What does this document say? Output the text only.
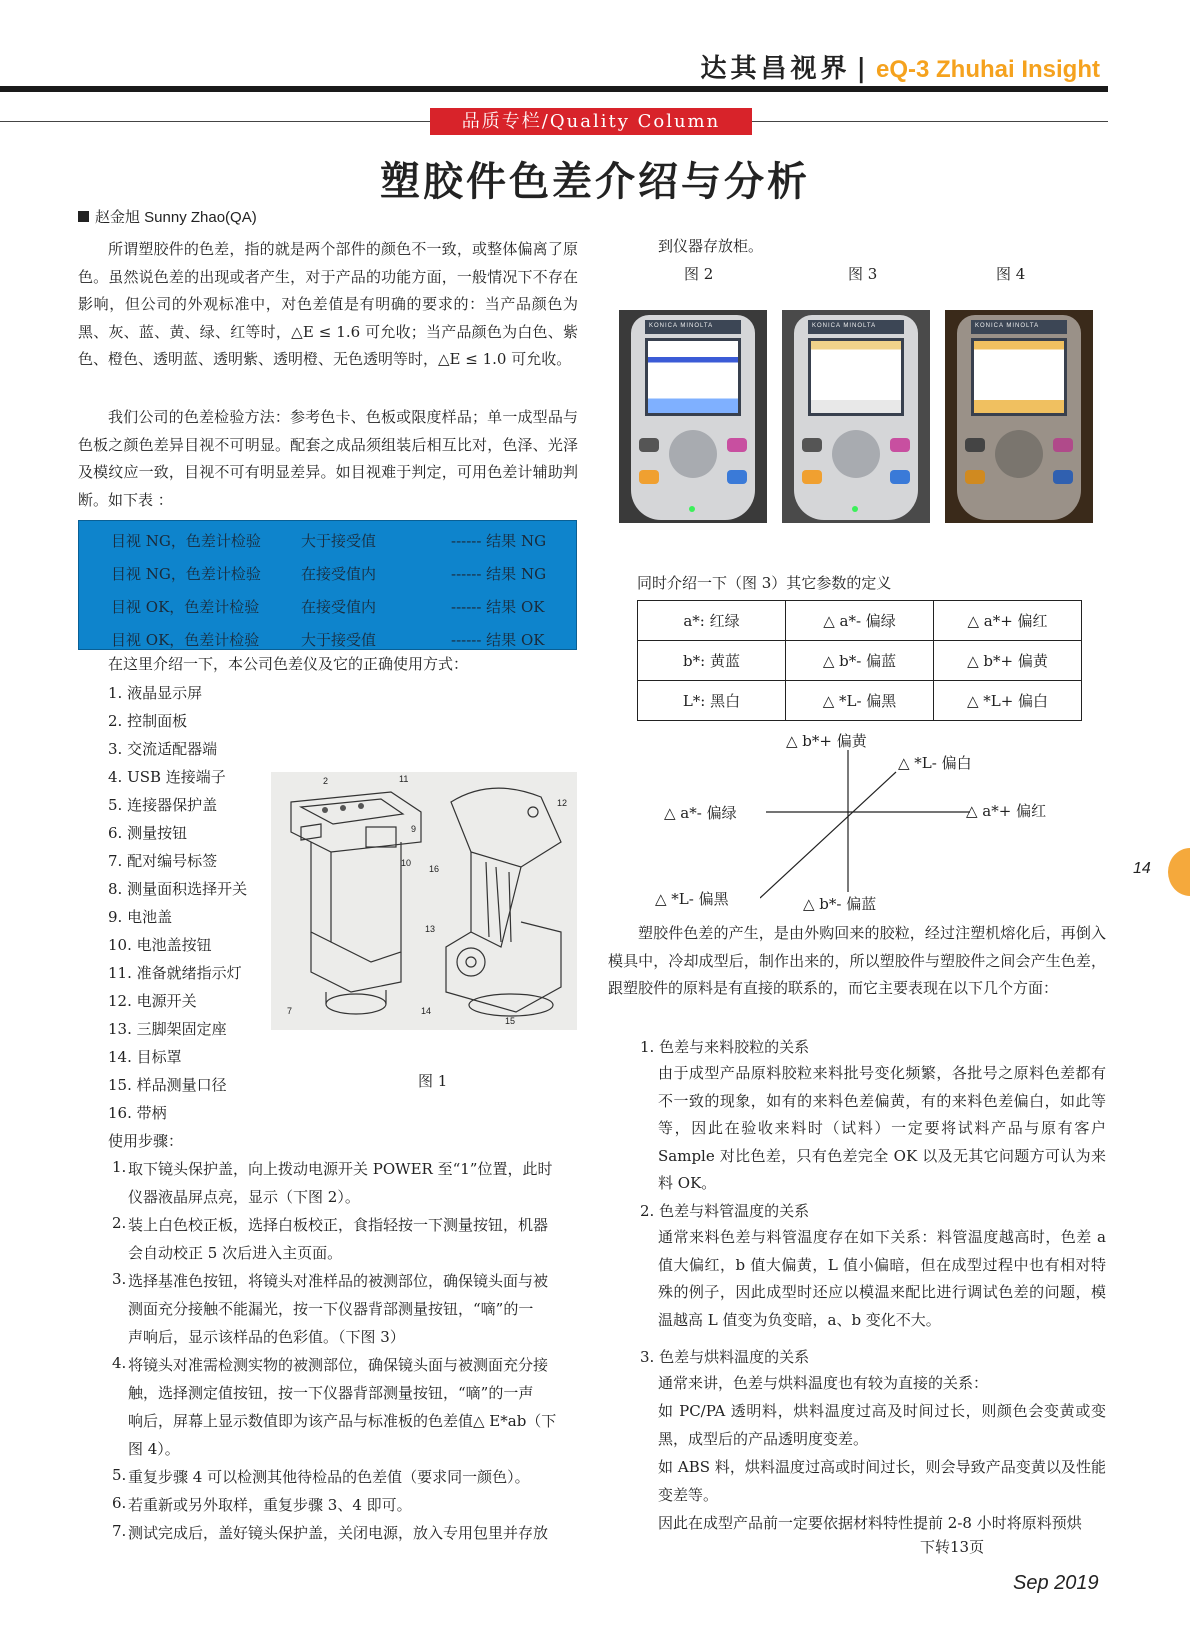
达其昌视界 | eQ-3 Zhuhai Insight
品质专栏/Quality Column
塑胶件色差介绍与分析
赵金旭 Sunny Zhao(QA)

所谓塑胶件的色差，指的就是两个部件的颜色不一致，或整体偏离了原色。虽然说色差的出现或者产生，对于产品的功能方面，一般情况下不存在影响，但公司的外观标准中，对色差值是有明确的要求的：当产品颜色为黑、灰、蓝、黄、绿、红等时，△E ≤ 1.6 可允收；当产品颜色为白色、紫色、橙色、透明蓝、透明紫、透明橙、无色透明等时，△E ≤ 1.0 可允收。

我们公司的色差检验方法：参考色卡、色板或限度样品；单一成型品与色板之颜色差异目视不可明显。配套之成品须组装后相互比对，色泽、光泽及模纹应一致，目视不可有明显差异。如目视难于判定，可用色差计辅助判断。如下表 ：

目视 NG，色差计检验	大于接受值	------ 结果 NG
目视 NG，色差计检验	在接受值内	------ 结果 NG
目视 OK，色差计检验	在接受值内	------ 结果 OK
目视 OK，色差计检验	大于接受值	------ 结果 OK
在这里介绍一下，本公司色差仪及它的正确使用方式：
1. 液晶显示屏
2. 控制面板
3. 交流适配器端
4. USB 连接端子
5. 连接器保护盖
6. 测量按钮
7. 配对编号标签
8. 测量面积选择开关
9. 电池盖
10. 电池盖按钮
11. 准备就绪指示灯
12. 电源开关
13. 三脚架固定座
14. 目标罩
15. 样品测量口径
16. 带柄
2	11
12
9
10
16
13
7	14
15
图 1
使用步骤：
1. 取下镜头保护盖，向上拨动电源开关 POWER 至“1”位置，此时
仪器液晶屏点亮，显示（下图 2）。
2. 装上白色校正板，选择白板校正，食指轻按一下测量按钮，机器
会自动校正 5 次后进入主页面。
3. 选择基准色按钮，将镜头对准样品的被测部位，确保镜头面与被
测面充分接触不能漏光，按一下仪器背部测量按钮，“嘀”的一
声响后，显示该样品的色彩值。（下图 3）
4. 将镜头对准需检测实物的被测部位，确保镜头面与被测面充分接
触，选择测定值按钮，按一下仪器背部测量按钮，“嘀”的一声
响后，屏幕上显示数值即为该产品与标准板的色差值△ E*ab（下
图 4）。
5. 重复步骤 4 可以检测其他待检品的色差值（要求同一颜色）。
6. 若重新或另外取样，重复步骤 3、4 即可。
7. 测试完成后，盖好镜头保护盖，关闭电源，放入专用包里并存放
到仪器存放柜。
图 2	图 3	图 4
KONICA MINOLTA	KONICA MINOLTA	KONICA MINOLTA
同时介绍一下（图 3）其它参数的定义
a*: 红绿	△ a*- 偏绿	△ a*+ 偏红
b*: 黄蓝	△ b*- 偏蓝	△ b*+ 偏黄
L*: 黑白	△ *L- 偏黑	△ *L+ 偏白
△ b*+ 偏黄
△ *L- 偏白
△ a*- 偏绿	△ a*+ 偏红
△ *L- 偏黑	△ b*- 偏蓝

塑胶件色差的产生，是由外购回来的胶粒，经过注塑机熔化后，再倒入模具中，冷却成型后，制作出来的，所以塑胶件与塑胶件之间会产生色差，跟塑胶件的原料是有直接的联系的，而它主要表现在以下几个方面：

1. 色差与来料胶粒的关系

由于成型产品原料胶粒来料批号变化频繁，各批号之原料色差都有不一致的现象，如有的来料色差偏黄，有的来料色差偏白，如此等等，因此在验收来料时（试料）一定要将试料产品与原有客户 Sample 对比色差，只有色差完全 OK 以及无其它问题方可认为来料 OK。

2. 色差与料管温度的关系

通常来料色差与料管温度存在如下关系：料管温度越高时，色差 a 值大偏红，b 值大偏黄，L 值小偏暗，但在成型过程中也有相对特殊的例子，因此成型时还应以模温来配比进行调试色差的问题，模温越高 L 值变为负变暗，a、b 变化不大。

3. 色差与烘料温度的关系

通常来讲，色差与烘料温度也有较为直接的关系：

如 PC/PA 透明料，烘料温度过高及时间过长，则颜色会变黄或变黑，成型后的产品透明度变差。

如 ABS 料，烘料温度过高或时间过长，则会导致产品变黄以及性能变差等。

因此在成型产品前一定要依据材料特性提前 2-8 小时将原料预烘

下转13页
14
Sep 2019
